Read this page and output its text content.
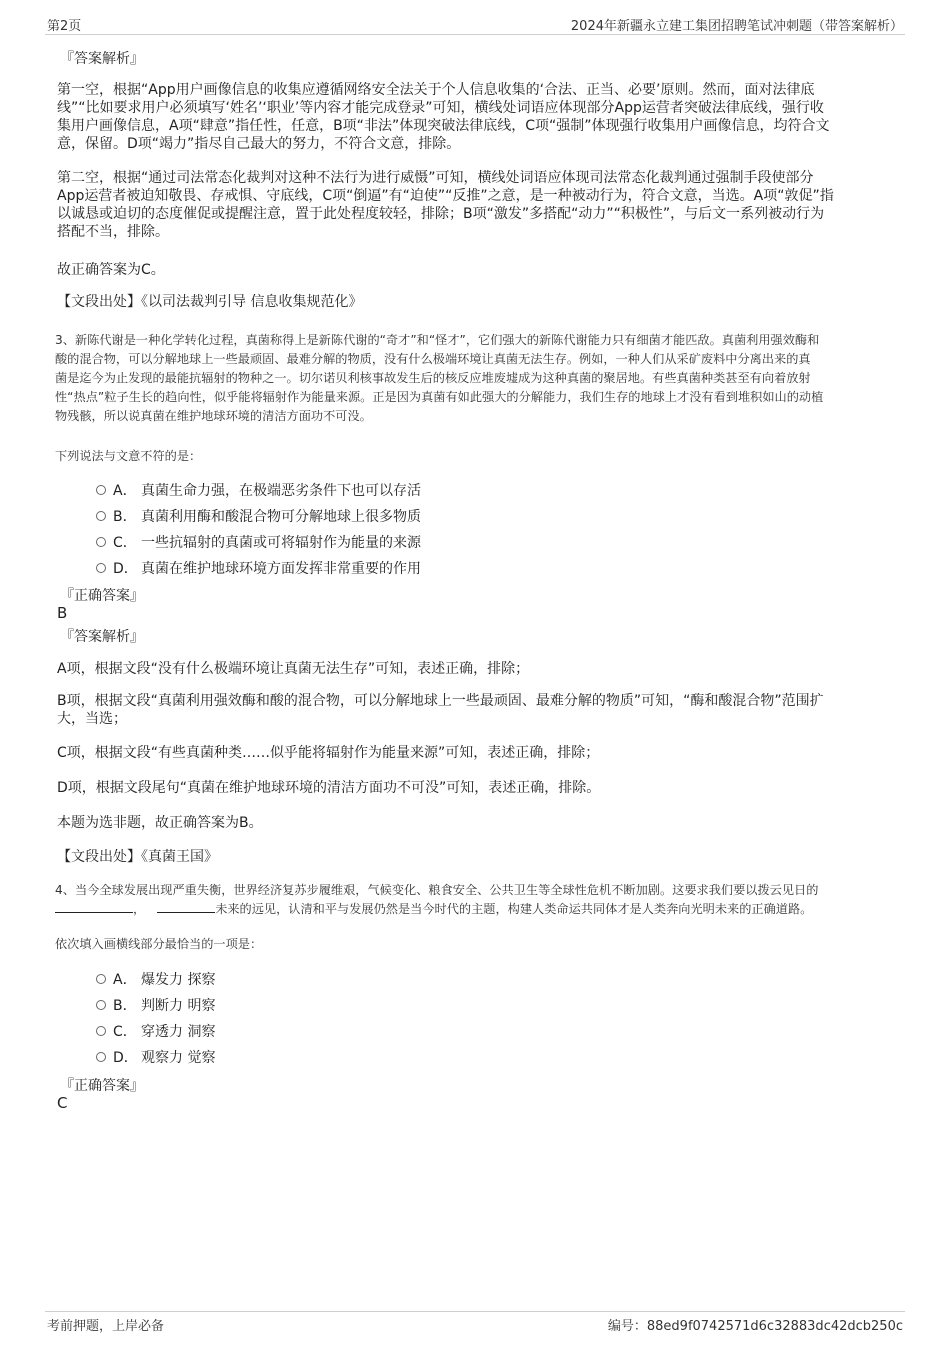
第2页	2024年新疆永立建工集团招聘笔试冲刺题（带答案解析）
『答案解析』
第一空，根据“App用户画像信息的收集应遵循网络安全法关于个人信息收集的‘合法、正当、必要’原则。然而，面对法律底
线”“比如要求用户必须填写‘姓名’‘职业’等内容才能完成登录”可知，横线处词语应体现部分App运营者突破法律底线，强行收
集用户画像信息，A项“肆意”指任性，任意，B项“非法”体现突破法律底线，C项“强制”体现强行收集用户画像信息，均符合文
意，保留。D项“竭力”指尽自己最大的努力，不符合文意，排除。
第二空，根据“通过司法常态化裁判对这种不法行为进行威慑”可知，横线处词语应体现司法常态化裁判通过强制手段使部分
App运营者被迫知敬畏、存戒惧、守底线，C项“倒逼”有“迫使”“反推”之意，是一种被动行为，符合文意，当选。A项“敦促”指
以诚恳或迫切的态度催促或提醒注意，置于此处程度较轻，排除；B项“激发”多搭配“动力”“积极性”，与后文一系列被动行为
搭配不当，排除。
故正确答案为C。
【文段出处】《以司法裁判引导 信息收集规范化》
3、新陈代谢是一种化学转化过程，真菌称得上是新陈代谢的“奇才”和“怪才”，它们强大的新陈代谢能力只有细菌才能匹敌。真菌利用强效酶和
酸的混合物，可以分解地球上一些最顽固、最难分解的物质，没有什么极端环境让真菌无法生存。例如，一种人们从采矿废料中分离出来的真
菌是迄今为止发现的最能抗辐射的物种之一。切尔诺贝利核事故发生后的核反应堆废墟成为这种真菌的聚居地。有些真菌种类甚至有向着放射
性“热点”粒子生长的趋向性，似乎能将辐射作为能量来源。正是因为真菌有如此强大的分解能力，我们生存的地球上才没有看到堆积如山的动植
物残骸，所以说真菌在维护地球环境的清洁方面功不可没。
下列说法与文意不符的是：
A． 真菌生命力强，在极端恶劣条件下也可以存活
B． 真菌利用酶和酸混合物可分解地球上很多物质
C． 一些抗辐射的真菌或可将辐射作为能量的来源
D． 真菌在维护地球环境方面发挥非常重要的作用
『正确答案』
B
『答案解析』
A项，根据文段“没有什么极端环境让真菌无法生存”可知，表述正确，排除；
B项，根据文段“真菌利用强效酶和酸的混合物，可以分解地球上一些最顽固、最难分解的物质”可知，“酶和酸混合物”范围扩
大，当选；
C项，根据文段“有些真菌种类……似乎能将辐射作为能量来源”可知，表述正确，排除；
D项，根据文段尾句“真菌在维护地球环境的清洁方面功不可没”可知，表述正确，排除。
本题为选非题，故正确答案为B。
【文段出处】《真菌王国》
4、当今全球发展出现严重失衡，世界经济复苏步履维艰，气候变化、粮食安全、公共卫生等全球性危机不断加剧。这要求我们要以拨云见日的
，	未来的远见，认清和平与发展仍然是当今时代的主题，构建人类命运共同体才是人类奔向光明未来的正确道路。
依次填入画横线部分最恰当的一项是：
A． 爆发力 探察
B． 判断力 明察
C． 穿透力 洞察
D． 观察力 觉察
『正确答案』
C
考前押题，上岸必备	编号：88ed9f0742571d6c32883dc42dcb250c
